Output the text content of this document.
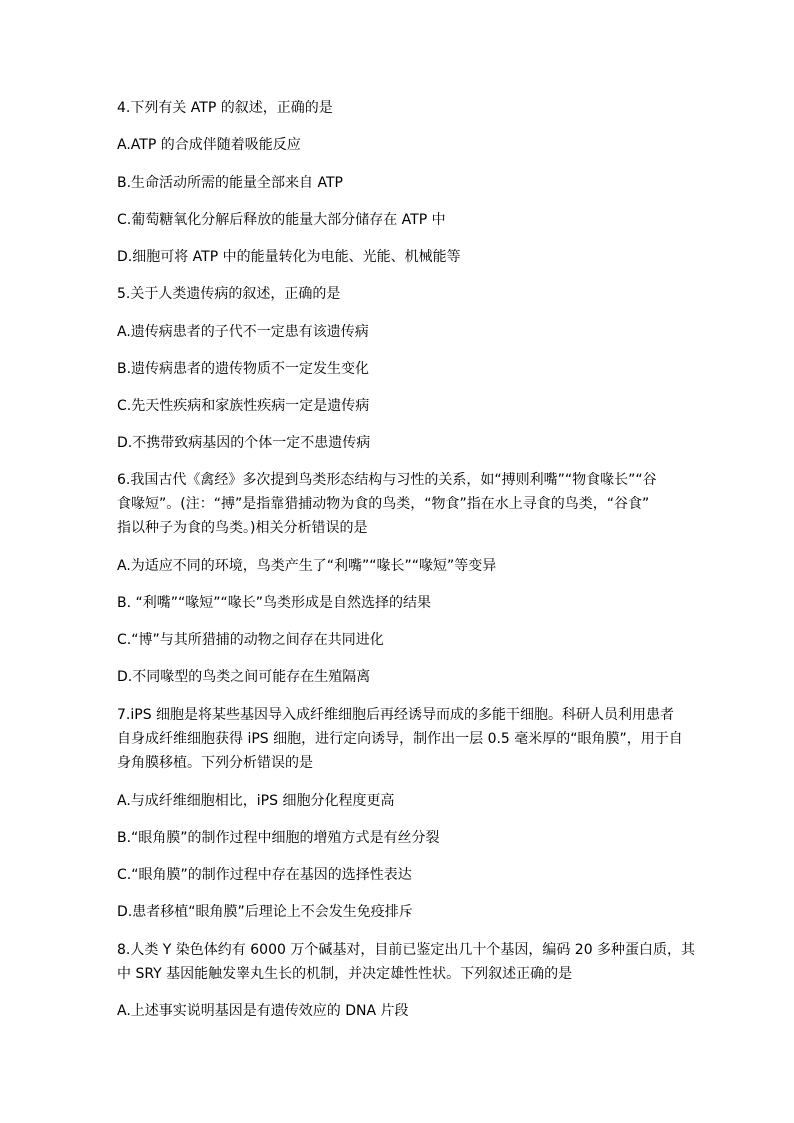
4.下列有关 ATP 的叙述，正确的是
A.ATP 的合成伴随着吸能反应
B.生命活动所需的能量全部来自 ATP
C.葡萄糖氧化分解后释放的能量大部分储存在 ATP 中
D.细胞可将 ATP 中的能量转化为电能、光能、机械能等
5.关于人类遗传病的叙述，正确的是
A.遗传病患者的子代不一定患有该遗传病
B.遗传病患者的遗传物质不一定发生变化
C.先天性疾病和家族性疾病一定是遗传病
D.不携带致病基因的个体一定不患遗传病
6.我国古代《禽经》多次提到鸟类形态结构与习性的关系，如“搏则利嘴”“物食喙长”“谷
食喙短”。(注：“搏”是指靠猎捕动物为食的鸟类，“物食”指在水上寻食的鸟类，“谷食”
指以种子为食的鸟类。)相关分析错误的是
A.为适应不同的环境，鸟类产生了“利嘴”“喙长”“喙短”等变异
B. “利嘴”“喙短”“喙长”鸟类形成是自然选择的结果
C.“博”与其所猎捕的动物之间存在共同进化
D.不同喙型的鸟类之间可能存在生殖隔离
7.iPS 细胞是将某些基因导入成纤维细胞后再经诱导而成的多能干细胞。科研人员利用患者
自身成纤维细胞获得 iPS 细胞，进行定向诱导，制作出一层 0.5 毫米厚的“眼角膜”，用于自
身角膜移植。下列分析错误的是
A.与成纤维细胞相比，iPS 细胞分化程度更高
B.“眼角膜”的制作过程中细胞的增殖方式是有丝分裂
C.“眼角膜”的制作过程中存在基因的选择性表达
D.患者移植“眼角膜”后理论上不会发生免疫排斥
8.人类 Y 染色体约有 6000 万个碱基对，目前已鉴定出几十个基因，编码 20 多种蛋白质，其
中 SRY 基因能触发睾丸生长的机制，并决定雄性性状。下列叙述正确的是
A.上述事实说明基因是有遗传效应的 DNA 片段
